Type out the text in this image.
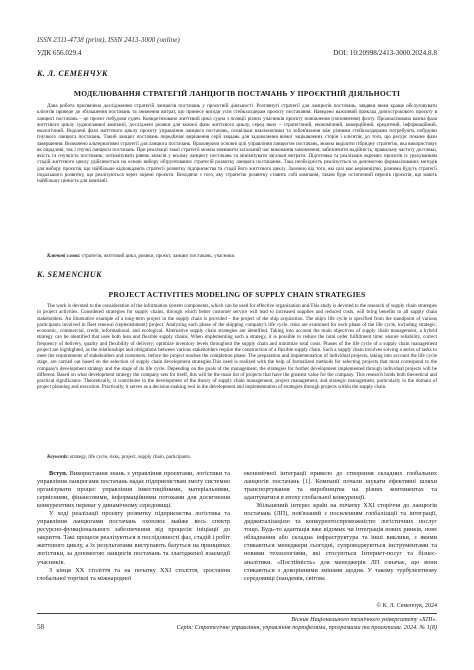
ISSN 2311-4738 (print), ISSN 2413-3000 (online)
УДК 656.029.4	DOI: 10:20998/2413-3000.2024.8.8
К. Л. СЕМЕНЧУК
МОДЕЛЮВАННЯ СТРАТЕГІЙ ЛАНЦЮГІВ ПОСТАЧАНЬ У ПРОЄКТНІЙ ДІЯЛЬНОСТІ

Дана робота присвячена дослідженню стратегій ланцюгів постачань у проєктній діяльності. Розглянуті стратегії для ланцюгів постачань, завдяки яким краще обслуговувати клієнтів приведе до збільшення постачань та зниження витрат, що принесе вигоди усім стейкхолдерам проєкту постачання. Наведено важливий приклад довгострокового проєкту в ланцюгі постачань – це проєкт побудови суден. Конкретизовано життєвий цикл судна з позиції різних учасників проєкту поновлення (поповнення) флоту. Проаналізована кожна фаза життєвого циклу судноплавної компанії, досліджені ризики для кожної фази життєвого циклу, серед яких – стратегічний, економічний, комерційний, кредитний, інформаційний, екологічний. Виділені фази життєвого циклу проєкту управління ланцюга постачань, осквільки взаємозв'язки та зобов'язання між різними стейкхолдерами потребують побудови гнучкого ланцюга постачань. Такий ланцюг постачань передбачає вирішення серії завдань для задоволення вимог зацікавлених сторін і клієнтів; до того, що ресурс покине фази завершення. Визначено альтернативні стратегії для ланцюга постачань. Враховуючи основні цілі управління ланцюгом постачань, можна виділити гібридну стратегію, яка використовує як ощадливі, так і гнучкі ланцюги постачань. При реалізації такої стратегії можна зменшити загальний час виконання замовлення; забезпечити надійність, правильну частоту доставки, якість та гнучкість постачань; оптимізувати рівень запасів у всьому ланцюгу постачань та мінімізувати загальні витрати. Підготовка та реалізація окремих проєктів із урахуванням стадій життєвого циклу удійснюється на основі вибору обґрунтованих стратегій розвитку ланцюга постачання. Така необхідність реалізується за допомогою формалізованих методів для вибору проєктів, що найбільше відповідають стратегії розвитку підприємства та стадії його життєвого циклу. Залежно від того, які цілі має керівництво, різними будуть стратегії подальшого розвитку, що реалізуються через окремі проєкти. Виходячи з того, яку стратегію розвитку ставить собі компанія, таким буде остаточний перелік проєктів, що мають найбільшу цінність для компанії.

Ключові слова: стратегія, життєвий цикл, ризики, проєкт, ланцюг постачань, учасники.

K. SEMENCHUK
PROJECT ACTIVITIES MODELING OF SUPPLY CHAIN STRATEGIES

The work is devoted to the consideration of the information system components, which can be used for effective organization and This study is devoted to the research of supply chain strategies in project activities. Considered strategies for supply chains, through which better customer service will lead to increased supplies and reduced costs, will bring benefits to all supply chain stakeholders. An illustrative example of a long-term project in the supply chain is provided – the project of the ship acquisition. The ship's life cycle is specified from the standpoint of various participants involved in fleet renewal (replenishment) project. Analyzing each phase of the shipping company's life cycle, risks are examined for each phase of the life cycle, including strategic, economic, commercial, credit, informational, and ecological. Alternative supply chain strategies are identified. Taking into account the main objectives of supply chain management, a hybrid strategy can be identified that uses both lean and flexible supply chains. When implementing such a strategy, it is possible to reduce the total order fulfillment time; ensure reliability, correct frequency of delivery, quality and flexibility of delivery; optimize inventory levels throughout the supply chain and minimize total costs. Phases of the life cycle of a supply chain management project are highlighted, as the relationships and obligations between various stakeholders require the construction of a flexible supply chain. Such a supply chain involves solving a series of tasks to meet the requirements of stakeholders and customers; before the project reaches the completion phase. The preparation and implementation of individual projects, taking into account the life cycle stage, are carried out based on the selection of supply chain development strategies.This need is realized with the help of formalized methods for selecting projects that most correspond to the company's development strategy and the stage of its life cycle. Depending on the goals of the management, the strategies for further development implemented through individual projects will be different. Based on what development strategy the company sets for itself, this will be the main list of projects that have the greatest value for the company. This research holds both theoretical and practical significance. Theoretically, it contributes to the development of the theory of supply chain management, project management, and strategic management, particularly in the domain of project planning and execution. Practically, it serves as a decision-making tool in the development and implementation of strategies through projects within the supply chain.

Keywords: strategy, life cycle, risks, project, supply chain, participants.

Вступ. Використання знань з управління проєктами, логістики та управління ланцюгами постачань надає підприємствам змогу системно організувати процес управління інвестиційними, матеріальними, сервісними, фінансовими, інформаційними потоками для досягнення конкурентних переваг у динамічному середовищі.

У ході реалізації проєкту розвитку підприємства логістика та управління ланцюгами постачань охоплює майже весь спектр ресурсно-функціонального забезпечення від процесів ініціації до закриття. Такі процеси реалізуються в послідовності фаз, стадій і робіт життєвого циклу, а їх результатами виступають базуться на принципах логістики, за допомогою ланцюгів постачань та злагодженої взаємодії учасників.

З кінця XX століття та на початку XXI століття, зростання глобальної торгівлі та міжнародної

економічної інтеграції привело до створення складних глобальних ланцюгів постачань [1]. Компанії почали шукати ефективні шляхи транспортування та виробництва на різних континентах та адаптуватися в епоху глобальної конкуренції.

Збільшений інтерес країн на початку XXI сторіччя до ланцюгів постачань (ЛП), пов'язаний з посиленням глобалізації та інтеграції, диджиталізацією та конкурентоспроможністю логістичних послуг тощо. Будь-то адаптація вже відомих чи інтеграція нових ринків, нове обладнання або складна інфраструктура та інші виклики, з якими стикаються менеджери сьогодні, супроводжуються інструментами та новими технологіями, які стосуються Інтернет-посуг та бізнес-аналітики. «Постійність» для менеджерів ЛП означає, що вони стикаються з докорінними змінами щодня. У такому турбулентному середовищі (пандемія, світова

© К. Л. Семенчук, 2024
58
Вісник Національного технічного університету «ХПІ».
Серія: Стратегічне управління, управління портфелями, програмами та проєктами. 2024. № 1(8)
